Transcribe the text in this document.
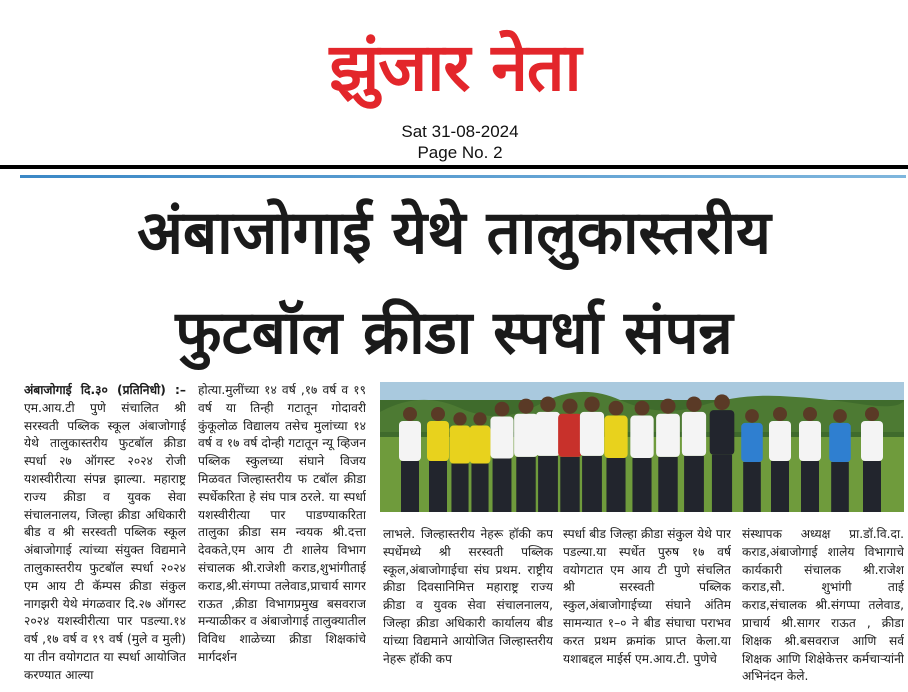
झुंजार नेता
Sat 31-08-2024
Page No. 2
अंबाजोगाई येथे तालुकास्तरीय
फुटबॉल क्रीडा स्पर्धा संपन्न
अंबाजोगाई दि.३० (प्रतिनिधी) :– एम.आय.टी पुणे संचालित श्री सरस्वती पब्लिक स्कूल अंबाजोगाई येथे तालुकास्तरीय फुटबॉल क्रीडा स्पर्धा २७ ऑगस्ट २०२४ रोजी यशस्वीरीत्या संपन्न झाल्या. महाराष्ट्र राज्य क्रीडा व युवक सेवा संचालनालय, जिल्हा क्रीडा अधिकारी बीड व श्री सरस्वती पब्लिक स्कूल अंबाजोगाई त्यांच्या संयुक्त विद्यमाने तालुकास्तरीय फुटबॉल स्पर्धा २०२४ एम आय टी कॅम्पस क्रीडा संकुल नागझरी येथे मंगळवार दि.२७ ऑगस्ट २०२४ यशस्वीरीत्या पार पडल्या.१४ वर्ष ,१७ वर्ष व १९ वर्ष (मुले व मुली) या तीन वयोगटात या स्पर्धा आयोजित करण्यात आल्या
होत्या.मुलींच्या १४ वर्ष ,१७ वर्ष व १९ वर्ष या तिन्ही गटातून गोदावरी कुंकूलोळ विद्यालय तसेच मुलांच्या १४ वर्ष व १७ वर्ष दोन्ही गटातून न्यू व्हिजन पब्लिक स्कुलच्या संघाने विजय मिळवत जिल्हास्तरीय फ टबॉल क्रीडा स्पर्धेकरिता हे संघ पात्र ठरले. या स्पर्धा यशस्वीरीत्या पार पाडण्याकरिता तालुका क्रीडा सम न्वयक श्री.दत्ता देवकते,एम आय टी शालेय विभाग संचालक श्री.राजेशी कराड,शुभांगीताई कराड,श्री.संगप्पा तलेवाड,प्राचार्य सागर राऊत ,क्रीडा विभागप्रमुख बसवराज मन्याळीकर व अंबाजोगाई तालुक्यातील विविध शाळेच्या क्रीडा शिक्षकांचे मार्गदर्शन
लाभले. जिल्हास्तरीय नेहरू हॉकी कप स्पर्धेमध्ये श्री सरस्वती पब्लिक स्कूल,अंबाजोगाईचा संघ प्रथम. राष्ट्रीय क्रीडा दिवसानिमित्त महाराष्ट्र राज्य क्रीडा व युवक सेवा संचालनालय, जिल्हा क्रीडा अधिकारी कार्यालय बीड यांच्या विद्यमाने आयोजित जिल्हास्तरीय नेहरू हॉकी कप
स्पर्धा बीड जिल्हा क्रीडा संकुल येथे पार पडल्या.या स्पर्धेत पुरुष १७ वर्ष वयोगटात एम आय टी पुणे संचलित श्री सरस्वती पब्लिक स्कुल,अंबाजोगाईच्या संघाने अंतिम सामन्यात १–० ने बीड संघाचा पराभव करत प्रथम क्रमांक प्राप्त केला.या यशाबद्दल माईर्स एम.आय.टी. पुणेचे
संस्थापक अध्यक्ष प्रा.डॉ.वि.दा. कराड,अंबाजोगाई शालेय विभागाचे कार्यकारी संचालक श्री.राजेश कराड,सौ. शुभांगी ताई कराड,संचालक श्री.संगप्पा तलेवाड, प्राचार्य श्री.सागर राऊत , क्रीडा शिक्षक श्री.बसवराज आणि सर्व शिक्षक आणि शिक्षेकेत्तर कर्मचाऱ्यांनी अभिनंदन केले.
